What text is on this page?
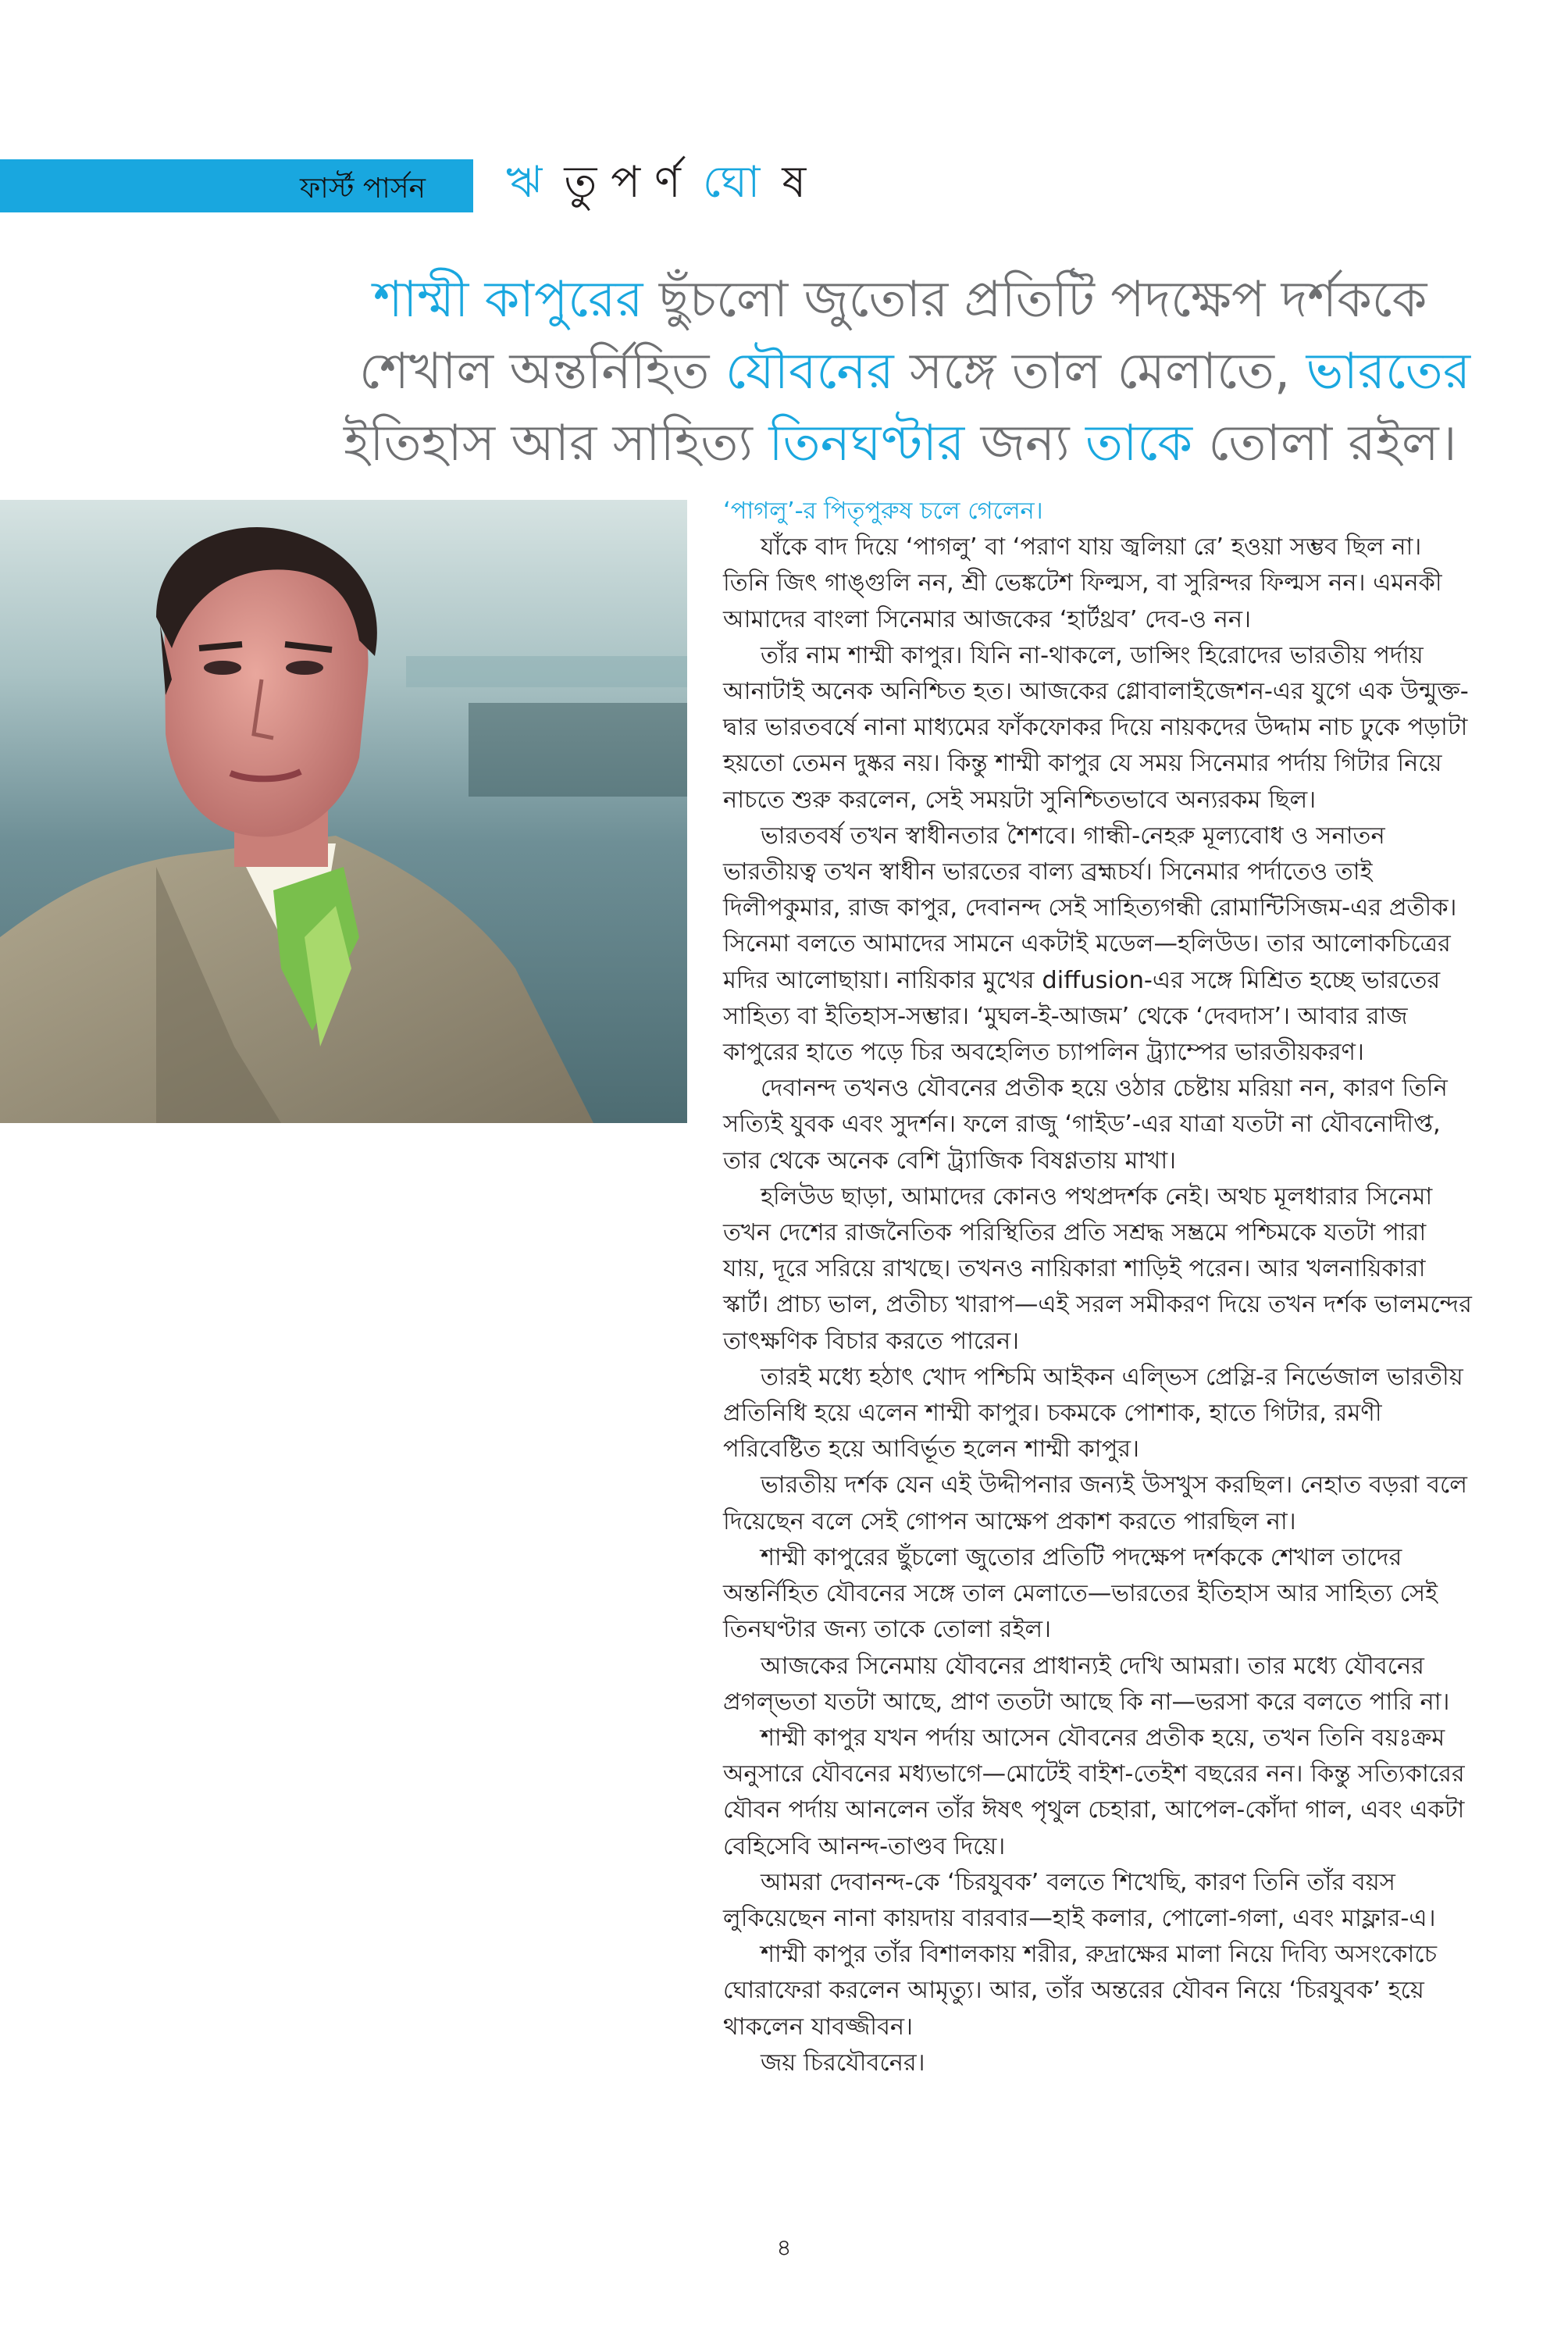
ফার্স্ট পার্সন ঋ তু প র্ণ ঘো ষ

শাম্মী কাপুরের ছুঁচলো জুতোর প্রতিটি পদক্ষেপ দর্শককে

শেখাল অন্তর্নিহিত যৌবনের সঙ্গে তাল মেলাতে, ভারতের

ইতিহাস আর সাহিত্য তিনঘণ্টার জন্য তাকে তোলা রইল।

‘পাগলু’-র পিতৃপুরুষ চলে গেলেন।

যাঁকে বাদ দিয়ে ‘পাগলু’ বা ‘পরাণ যায় জ্বলিয়া রে’ হওয়া সম্ভব ছিল না। তিনি জিৎ গাঙ্গুলি নন, শ্রী ভেঙ্কটেশ ফিল্মস, বা সুরিন্দর ফিল্মস নন। এমনকী আমাদের বাংলা সিনেমার আজকের ‘হার্টথ্রব’ দেব-ও নন।

তাঁর নাম শাম্মী কাপুর। যিনি না-থাকলে, ডান্সিং হিরোদের ভারতীয় পর্দায় আনাটাই অনেক অনিশ্চিত হত। আজকের গ্লোবালাইজেশন-এর যুগে এক উন্মুক্ত-দ্বার ভারতবর্ষে নানা মাধ্যমের ফাঁকফোকর দিয়ে নায়কদের উদ্দাম নাচ ঢুকে পড়াটা হয়তো তেমন দুষ্কর নয়। কিন্তু শাম্মী কাপুর যে সময় সিনেমার পর্দায় গিটার নিয়ে নাচতে শুরু করলেন, সেই সময়টা সুনিশ্চিতভাবে অন্যরকম ছিল।

ভারতবর্ষ তখন স্বাধীনতার শৈশবে। গান্ধী-নেহরু মূল্যবোধ ও সনাতন ভারতীয়ত্ব তখন স্বাধীন ভারতের বাল্য ব্রহ্মচর্য। সিনেমার পর্দাতেও তাই দিলীপকুমার, রাজ কাপুর, দেবানন্দ সেই সাহিত্যগন্ধী রোমান্টিসিজম-এর প্রতীক। সিনেমা বলতে আমাদের সামনে একটাই মডেল—হলিউড। তার আলোকচিত্রের মদির আলোছায়া। নায়িকার মুখের diffusion-এর সঙ্গে মিশ্রিত হচ্ছে ভারতের সাহিত্য বা ইতিহাস-সম্ভার। ‘মুঘল-ই-আজম’ থেকে ‘দেবদাস’। আবার রাজ কাপুরের হাতে পড়ে চির অবহেলিত চ্যাপলিন ট্র্যাম্পের ভারতীয়করণ।

দেবানন্দ তখনও যৌবনের প্রতীক হয়ে ওঠার চেষ্টায় মরিয়া নন, কারণ তিনি সত্যিই যুবক এবং সুদর্শন। ফলে রাজু ‘গাইড’-এর যাত্রা যতটা না যৌবনোদীপ্ত, তার থেকে অনেক বেশি ট্র্যাজিক বিষণ্ণতায় মাখা।

হলিউড ছাড়া, আমাদের কোনও পথপ্রদর্শক নেই। অথচ মূলধারার সিনেমা তখন দেশের রাজনৈতিক পরিস্থিতির প্রতি সশ্রদ্ধ সম্ভ্রমে পশ্চিমকে যতটা পারা যায়, দূরে সরিয়ে রাখছে। তখনও নায়িকারা শাড়িই পরেন। আর খলনায়িকারা স্কার্ট। প্রাচ্য ভাল, প্রতীচ্য খারাপ—এই সরল সমীকরণ দিয়ে তখন দর্শক ভালমন্দের তাৎক্ষণিক বিচার করতে পারেন।

তারই মধ্যে হঠাৎ খোদ পশ্চিমি আইকন এল্ভিস প্রেস্লি-র নির্ভেজাল ভারতীয় প্রতিনিধি হয়ে এলেন শাম্মী কাপুর। চকমকে পোশাক, হাতে গিটার, রমণী পরিবেষ্টিত হয়ে আবির্ভূত হলেন শাম্মী কাপুর।

ভারতীয় দর্শক যেন এই উদ্দীপনার জন্যই উসখুস করছিল। নেহাত বড়রা বলে দিয়েছেন বলে সেই গোপন আক্ষেপ প্রকাশ করতে পারছিল না।

শাম্মী কাপুরের ছুঁচলো জুতোর প্রতিটি পদক্ষেপ দর্শককে শেখাল তাদের অন্তর্নিহিত যৌবনের সঙ্গে তাল মেলাতে—ভারতের ইতিহাস আর সাহিত্য সেই তিনঘণ্টার জন্য তাকে তোলা রইল।

আজকের সিনেমায় যৌবনের প্রাধান্যই দেখি আমরা। তার মধ্যে যৌবনের প্রগল্ভতা যতটা আছে, প্রাণ ততটা আছে কি না—ভরসা করে বলতে পারি না।

শাম্মী কাপুর যখন পর্দায় আসেন যৌবনের প্রতীক হয়ে, তখন তিনি বয়ঃক্রম অনুসারে যৌবনের মধ্যভাগে—মোটেই বাইশ-তেইশ বছরের নন। কিন্তু সত্যিকারের যৌবন পর্দায় আনলেন তাঁর ঈষৎ পৃথুল চেহারা, আপেল-কোঁদা গাল, এবং একটা বেহিসেবি আনন্দ-তাণ্ডব দিয়ে।

আমরা দেবানন্দ-কে ‘চিরযুবক’ বলতে শিখেছি, কারণ তিনি তাঁর বয়স লুকিয়েছেন নানা কায়দায় বারবার—হাই কলার, পোলো-গলা, এবং মাফ্লার-এ।

শাম্মী কাপুর তাঁর বিশালকায় শরীর, রুদ্রাক্ষের মালা নিয়ে দিব্যি অসংকোচে ঘোরাফেরা করলেন আমৃত্যু। আর, তাঁর অন্তরের যৌবন নিয়ে ‘চিরযুবক’ হয়ে থাকলেন যাবজ্জীবন।

জয় চিরযৌবনের।

৪
